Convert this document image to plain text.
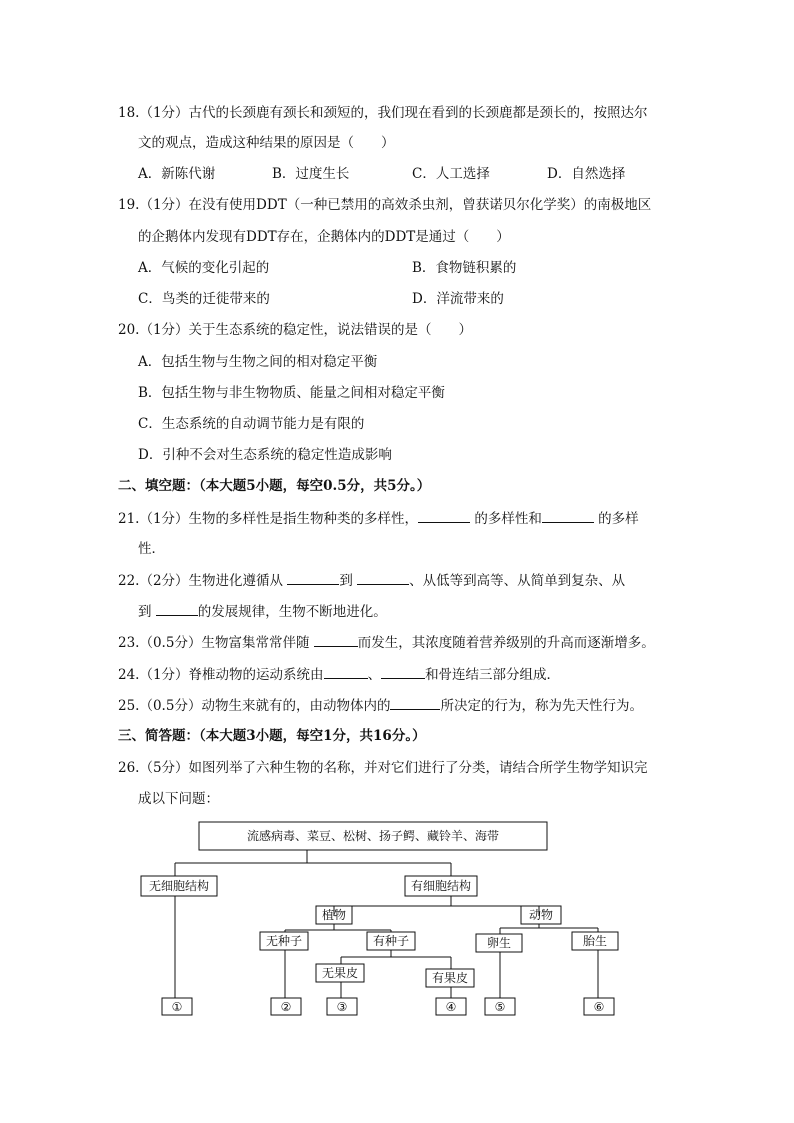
18.（1分）古代的长颈鹿有颈长和颈短的，我们现在看到的长颈鹿都是颈长的，按照达尔
文的观点，造成这种结果的原因是（　　）
A．新陈代谢	B．过度生长	C．人工选择	D．自然选择
19.（1分）在没有使用DDT（一种已禁用的高效杀虫剂，曾获诺贝尔化学奖）的南极地区
的企鹅体内发现有DDT存在，企鹅体内的DDT是通过（　　）
A．气候的变化引起的	B．食物链积累的
C．鸟类的迁徙带来的	D．洋流带来的
20.（1分）关于生态系统的稳定性，说法错误的是（　　）
A．包括生物与生物之间的相对稳定平衡
B．包括生物与非生物物质、能量之间相对稳定平衡
C．生态系统的自动调节能力是有限的
D．引种不会对生态系统的稳定性造成影响
二、填空题：（本大题5小题，每空0.5分，共5分。）
21.（1分）生物的多样性是指生物种类的多样性，	的多样性和	的多样
性．
22.（2分）生物进化遵循从	到	、从低等到高等、从简单到复杂、从
到	的发展规律，生物不断地进化。
23.（0.5分）生物富集常常伴随	而发生，其浓度随着营养级别的升高而逐渐增多。
24.（1分）脊椎动物的运动系统由	、	和骨连结三部分组成．
25.（0.5分）动物生来就有的，由动物体内的	所决定的行为，称为先天性行为。
三、简答题：（本大题3小题，每空1分，共16分。）
26.（5分）如图列举了六种生物的名称，并对它们进行了分类，请结合所学生物学知识完
成以下问题：
流感病毒、菜豆、松树、扬子鳄、藏铃羊、海带
无细胞结构	有细胞结构
植物	动物
无种子	有种子
无果皮	有果皮
卵生	胎生
①	②	③	④	⑤	⑥
